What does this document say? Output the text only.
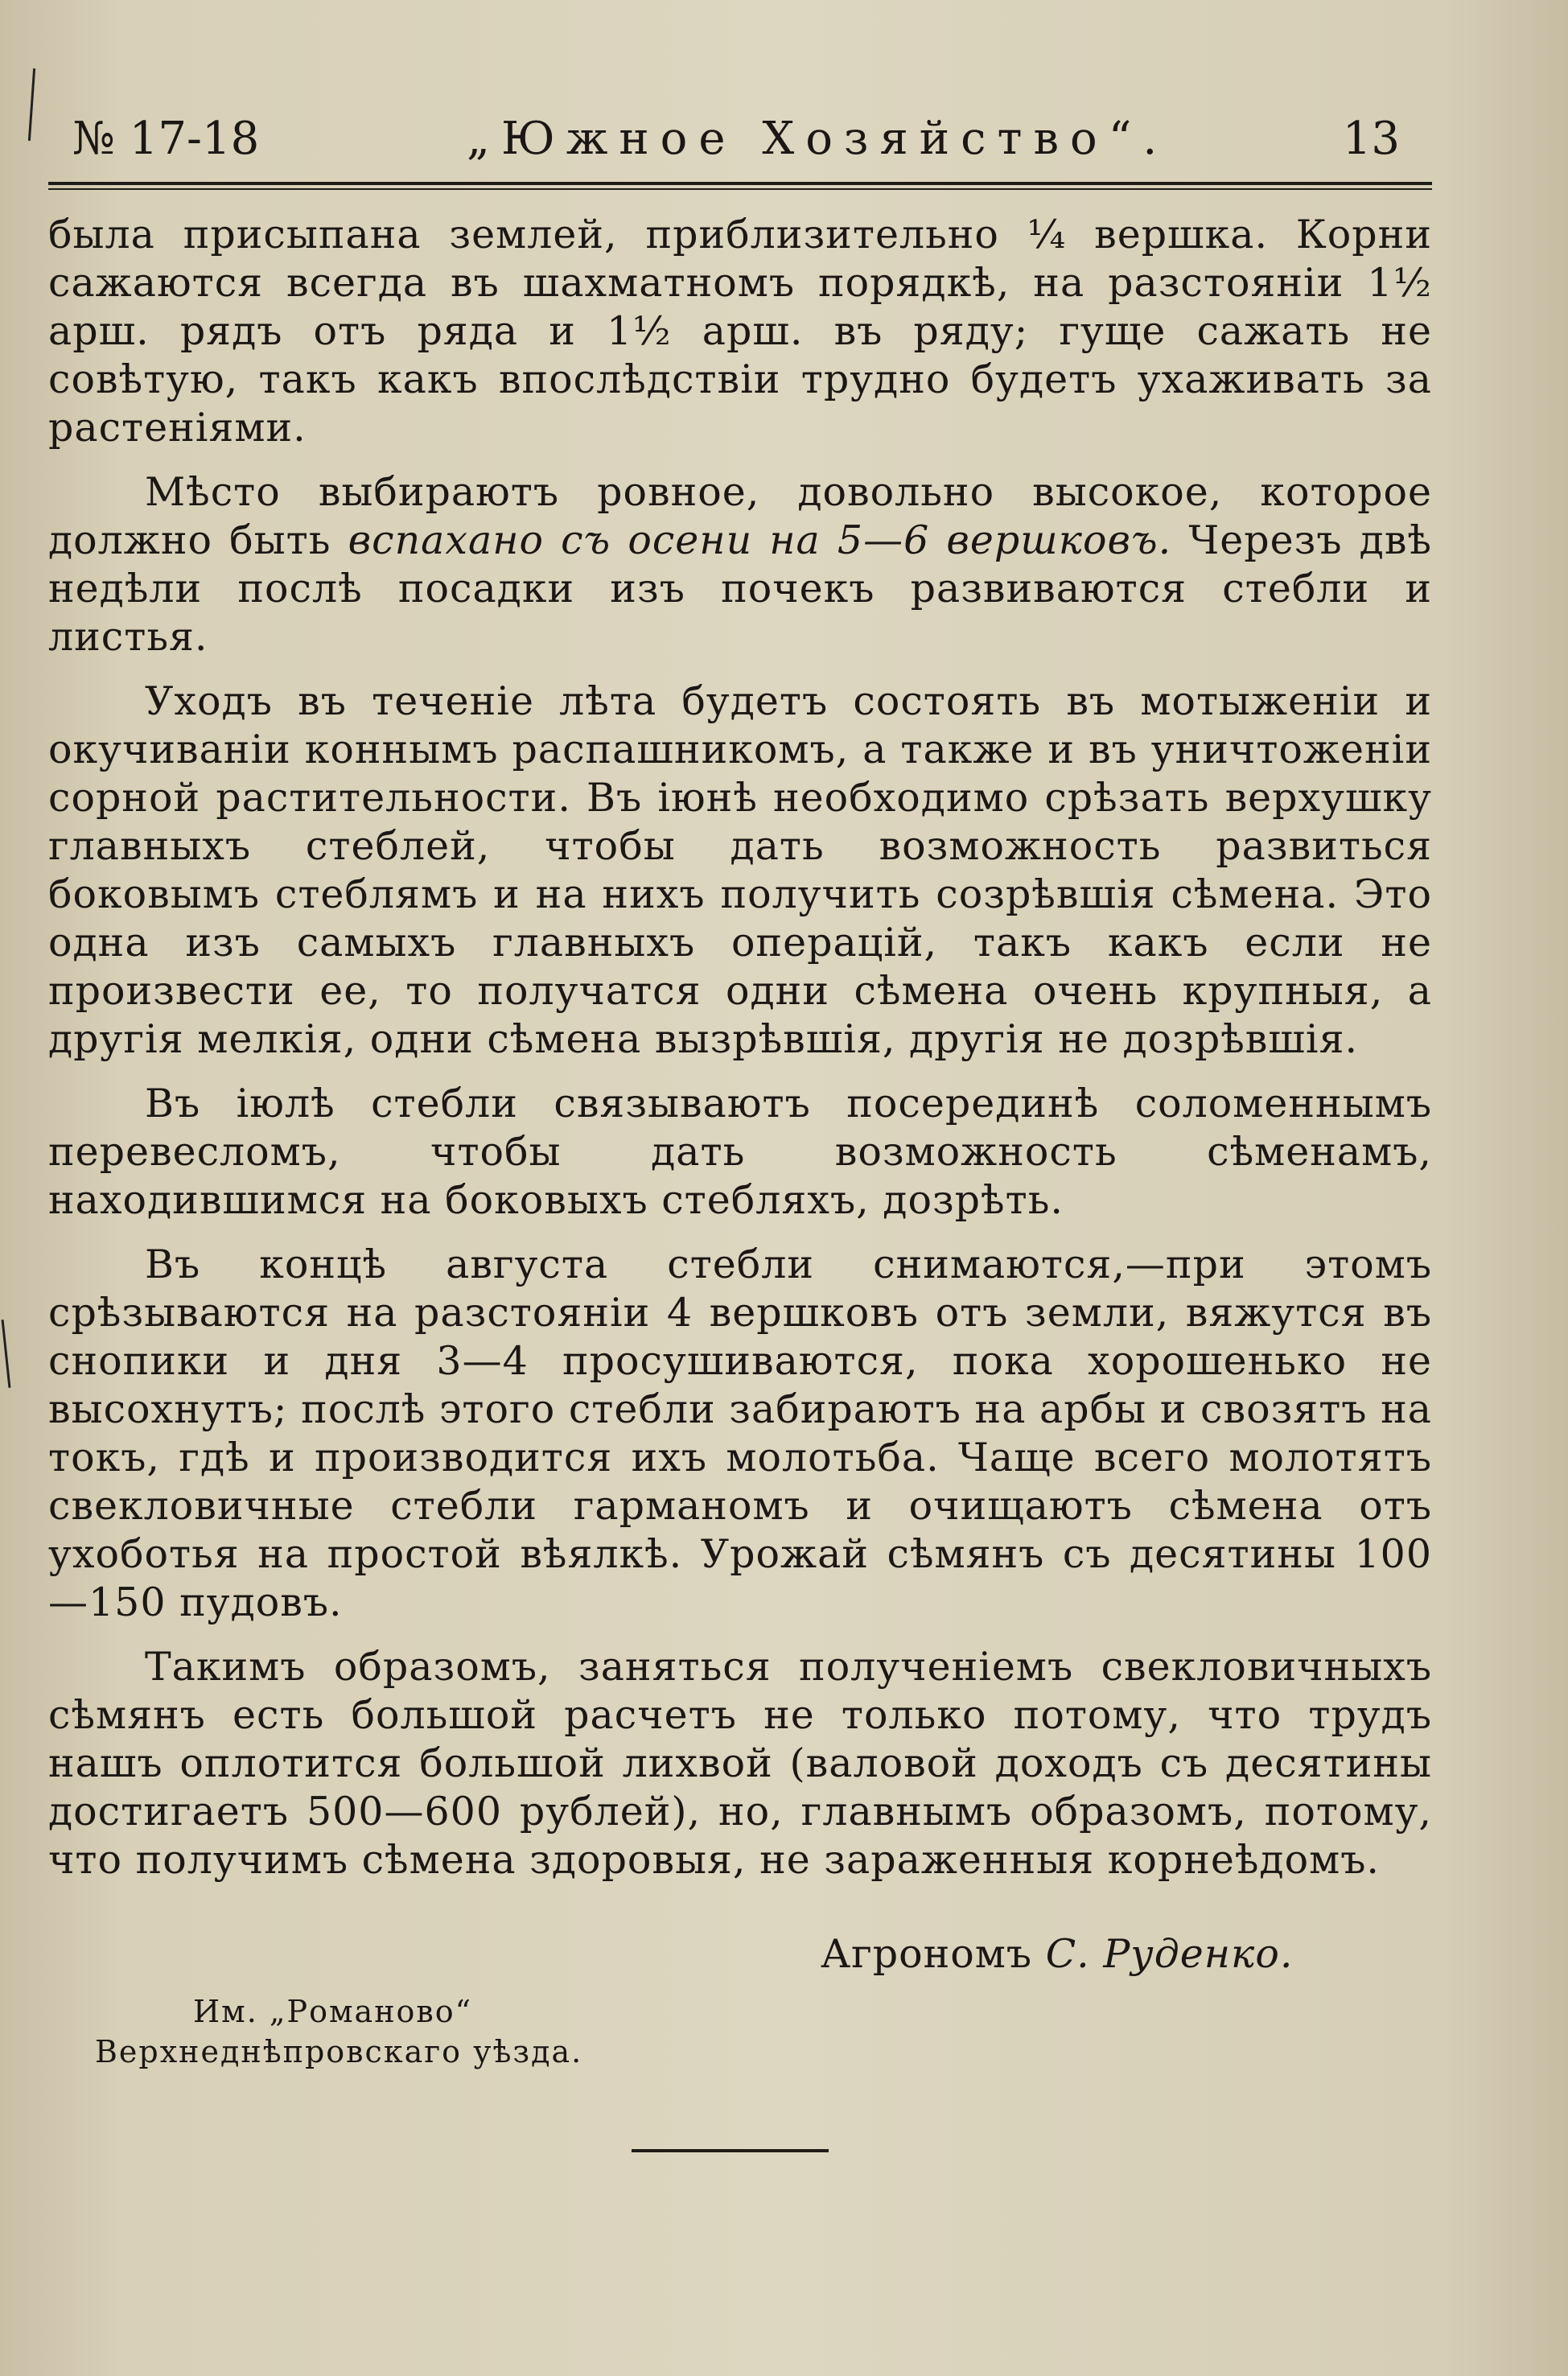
№ 17-18	„Южное Хозяйство“.	13

была присыпана землей, приблизительно ¼ вершка. Корни сажаются всегда въ шахматномъ порядкѣ, на разстояніи 1½ арш. рядъ отъ ряда и 1½ арш. въ ряду; гуще сажать не совѣтую, такъ какъ впослѣдствіи трудно будетъ ухаживать за растеніями.

Мѣсто выбираютъ ровное, довольно высокое, которое должно быть вспахано съ осени на 5—6 вершковъ. Черезъ двѣ недѣли послѣ посадки изъ почекъ развиваются стебли и листья.

Уходъ въ теченіе лѣта будетъ состоять въ мотыженіи и окучиваніи коннымъ распашникомъ, а также и въ уничтоженіи сорной растительности. Въ іюнѣ необходимо срѣзать верхушку главныхъ стеблей, чтобы дать возможность развиться боковымъ стеблямъ и на нихъ получить созрѣвшія сѣмена. Это одна изъ самыхъ главныхъ операцій, такъ какъ если не произвести ее, то получатся одни сѣмена очень крупныя, а другія мелкія, одни сѣмена вызрѣвшія, другія не дозрѣвшія.

Въ іюлѣ стебли связываютъ посерединѣ соломеннымъ перевесломъ, чтобы дать возможность сѣменамъ, находившимся на боковыхъ стебляхъ, дозрѣть.

Въ концѣ августа стебли снимаются,—при этомъ срѣзываются на разстояніи 4 вершковъ отъ земли, вяжутся въ снопики и дня 3—4 просушиваются, пока хорошенько не высохнутъ; послѣ этого стебли забираютъ на арбы и свозятъ на токъ, гдѣ и производится ихъ молотьба. Чаще всего молотятъ свекловичные стебли гарманомъ и очищаютъ сѣмена отъ ухоботья на простой вѣялкѣ. Урожай сѣмянъ съ десятины 100—150 пудовъ.

Такимъ образомъ, заняться полученіемъ свекловичныхъ сѣмянъ есть большой расчетъ не только потому, что трудъ нашъ оплотится большой лихвой (валовой доходъ съ десятины достигаетъ 500—600 рублей), но, главнымъ образомъ, потому, что получимъ сѣмена здоровыя, не зараженныя корнеѣдомъ.

Агрономъ С. Руденко.
Им. „Романово“
Верхнеднѣпровскаго уѣзда.
